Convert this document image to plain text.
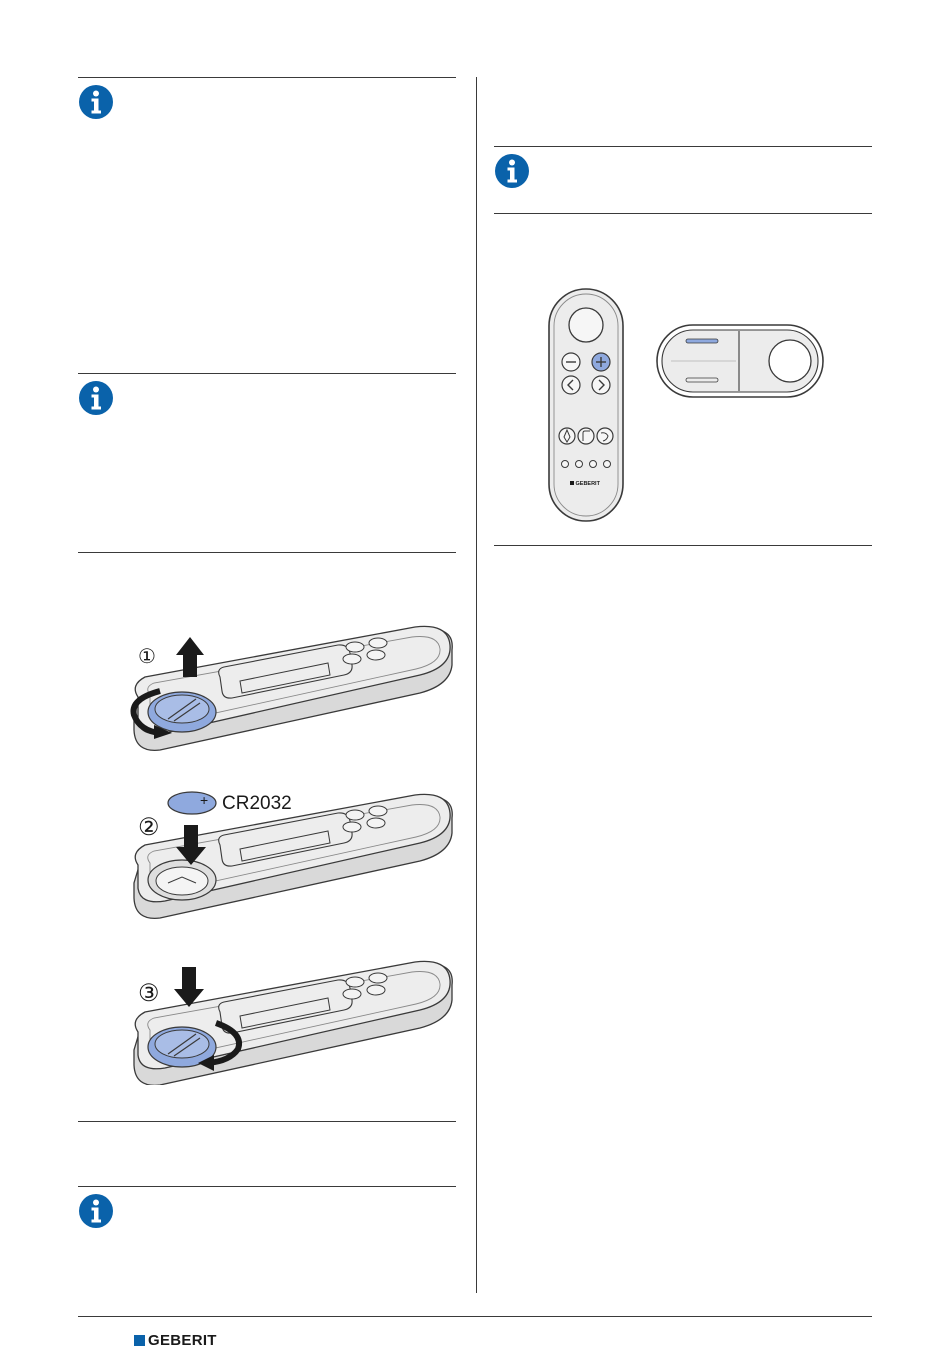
①
+
②
CR2032
③
GEBERIT
GEBERIT
